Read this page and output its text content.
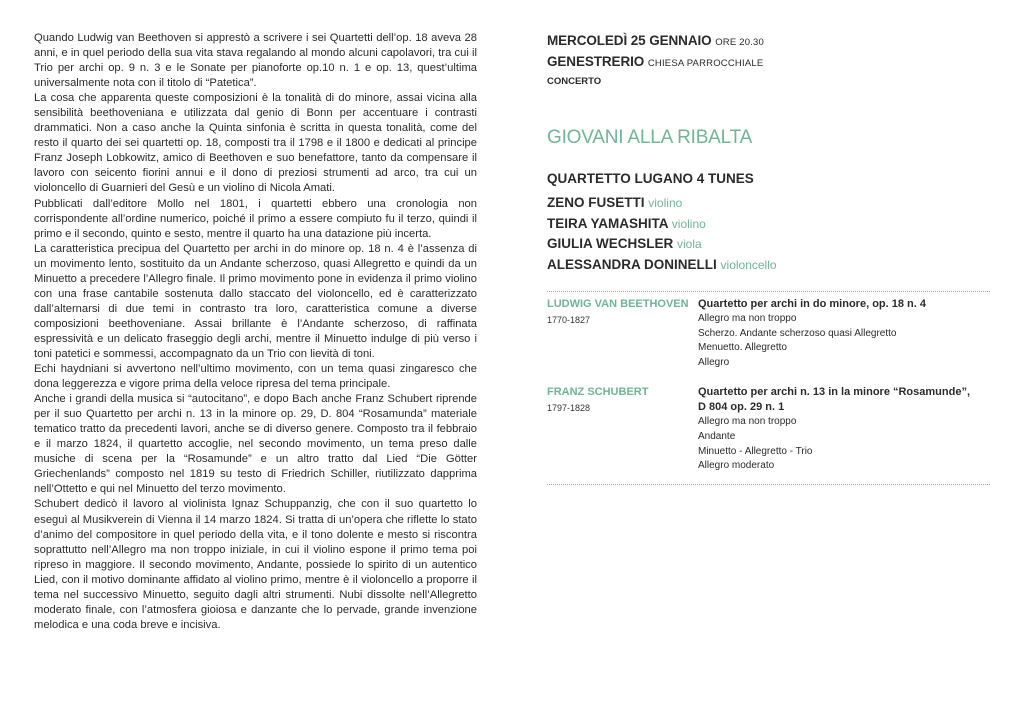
Quando Ludwig van Beethoven si apprestò a scrivere i sei Quartetti dell’op. 18 aveva 28 anni, e in quel periodo della sua vita stava regalando al mondo alcuni capolavori, tra cui il Trio per archi op. 9 n. 3 e le Sonate per pianoforte op.10 n. 1 e op. 13, quest’ultima universalmente nota con il titolo di “Patetica”.

La cosa che apparenta queste composizioni è la tonalità di do minore, assai vicina alla sensibilità beethoveniana e utilizzata dal genio di Bonn per accentuare i contrasti drammatici. Non a caso anche la Quinta sinfonia è scritta in questa tonalità, come del resto il quarto dei sei quartetti op. 18, composti tra il 1798 e il 1800 e dedicati al principe Franz Joseph Lobkowitz, amico di Beethoven e suo benefattore, tanto da compensare il lavoro con seicento fiorini annui e il dono di preziosi strumenti ad arco, tra cui un violoncello di Guarnieri del Gesù e un violino di Nicola Amati.

Pubblicati dall’editore Mollo nel 1801, i quartetti ebbero una cronologia non corrispondente all’ordine numerico, poiché il primo a essere compiuto fu il terzo, quindi il primo e il secondo, quinto e sesto, mentre il quarto ha una datazione più incerta.

La caratteristica precipua del Quartetto per archi in do minore op. 18 n. 4 è l’assenza di un movimento lento, sostituito da un Andante scherzoso, quasi Allegretto e quindi da un Minuetto a precedere l’Allegro finale. Il primo movimento pone in evidenza il primo violino con una frase cantabile sostenuta dallo staccato del violoncello, ed è caratterizzato dall’alternarsi di due temi in contrasto tra loro, caratteristica comune a diverse composizioni beethoveniane. Assai brillante è l’Andante scherzoso, di raffinata espressività e un delicato fraseggio degli archi, mentre il Minuetto indulge di più verso i toni patetici e sommessi, accompagnato da un Trio con lievità di toni.

Echi haydniani si avvertono nell’ultimo movimento, con un tema quasi zingaresco che dona leggerezza e vigore prima della veloce ripresa del tema principale.

Anche i grandi della musica si “autocitano”, e dopo Bach anche Franz Schubert riprende per il suo Quartetto per archi n. 13 in la minore op. 29, D. 804 “Rosamunda” materiale tematico tratto da precedenti lavori, anche se di diverso genere. Composto tra il febbraio e il marzo 1824, il quartetto accoglie, nel secondo movimento, un tema preso dalle musiche di scena per la “Rosamunde” e un altro tratto dal Lied “Die Götter Griechenlands” composto nel 1819 su testo di Friedrich Schiller, riutilizzato dapprima nell’Ottetto e qui nel Minuetto del terzo movimento.

Schubert dedicò il lavoro al violinista Ignaz Schuppanzig, che con il suo quartetto lo eseguì al Musikverein di Vienna il 14 marzo 1824. Si tratta di un’opera che riflette lo stato d’animo del compositore in quel periodo della vita, e il tono dolente e mesto si riscontra soprattutto nell’Allegro ma non troppo iniziale, in cui il violino espone il primo tema poi ripreso in maggiore. Il secondo movimento, Andante, possiede lo spirito di un autentico Lied, con il motivo dominante affidato al violino primo, mentre è il violoncello a proporre il tema nel successivo Minuetto, seguito dagli altri strumenti. Nubi dissolte nell’Allegretto moderato finale, con l’atmosfera gioiosa e danzante che lo pervade, grande invenzione melodica e una coda breve e incisiva.

MERCOLEDÌ 25 GENNAIO ORE 20.30
GENESTRERIO CHIESA PARROCCHIALE
CONCERTO
GIOVANI ALLA RIBALTA
QUARTETTO LUGANO 4 TUNES
ZENO FUSETTI violino
TEIRA YAMASHITA violino
GIULIA WECHSLER viola
ALESSANDRA DONINELLI violoncello
LUDWIG VAN BEETHOVEN
1770-1827
Quartetto per archi in do minore, op. 18 n. 4
Allegro ma non troppo
Scherzo. Andante scherzoso quasi Allegretto
Menuetto. Allegretto
Allegro
FRANZ SCHUBERT
1797-1828
Quartetto per archi n. 13 in la minore “Rosamunde”,
D 804 op. 29 n. 1
Allegro ma non troppo
Andante
Minuetto - Allegretto - Trio
Allegro moderato
